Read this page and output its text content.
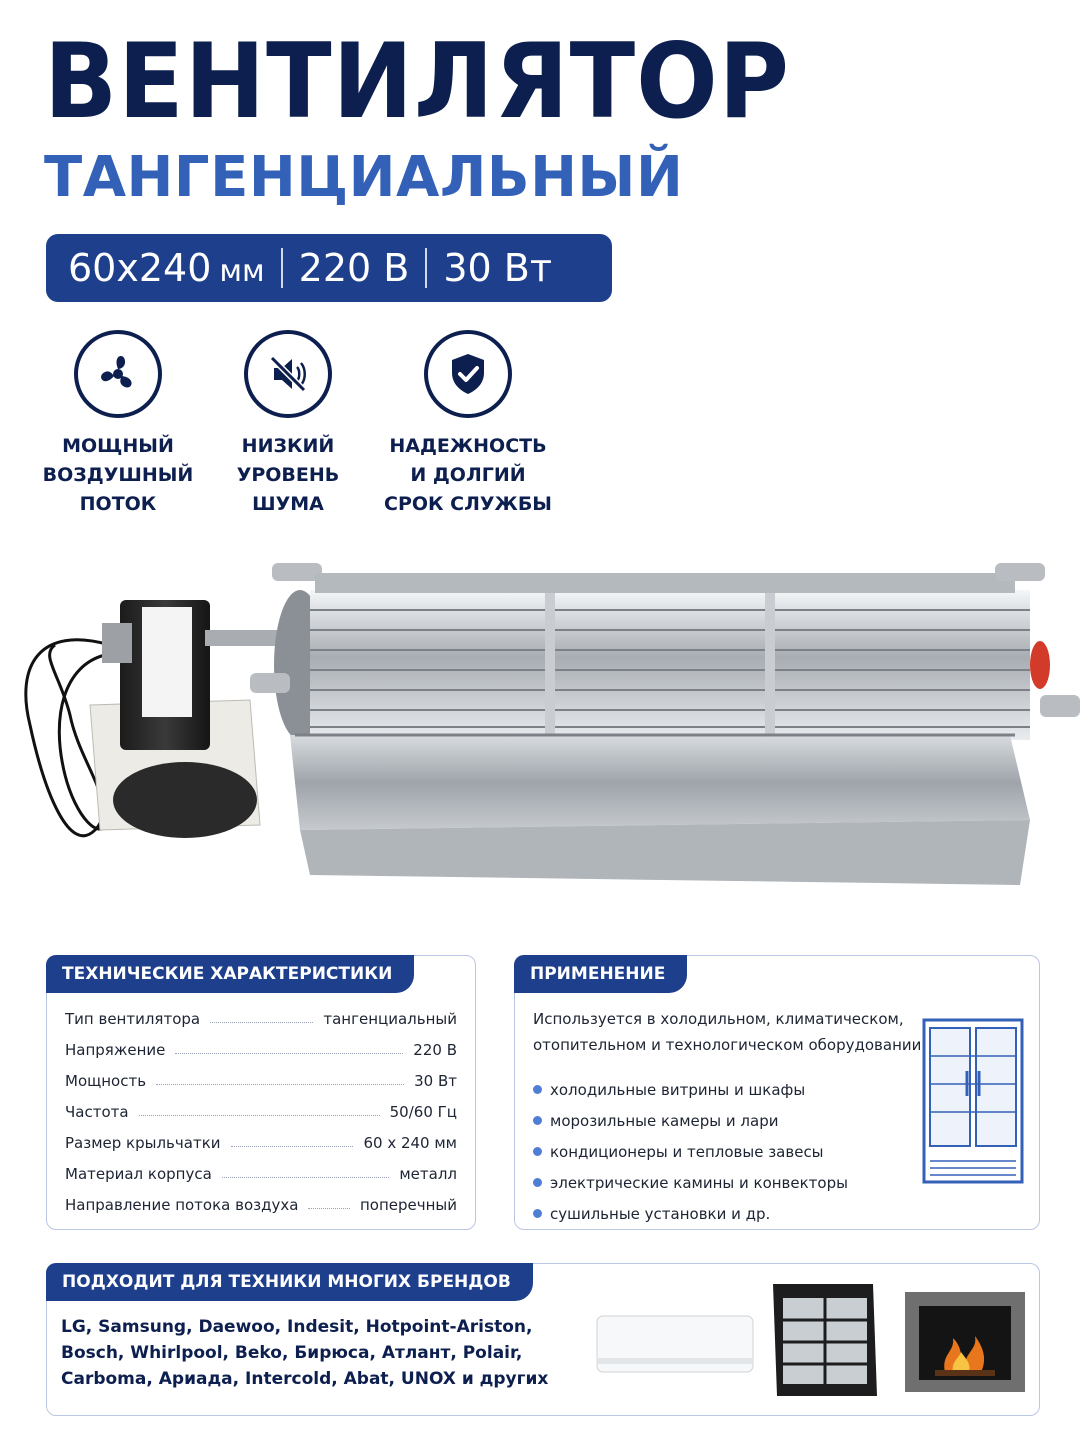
ВЕНТИЛЯТОР
ТАНГЕНЦИАЛЬНЫЙ
60х240 мм 220 В 30 Вт
МОЩНЫЙ
ВОЗДУШНЫЙ
ПОТОК
НИЗКИЙ
УРОВЕНЬ
ШУМА
НАДЕЖНОСТЬ
И ДОЛГИЙ
СРОК СЛУЖБЫ
ТЕХНИЧЕСКИЕ ХАРАКТЕРИСТИКИ
Тип вентилятора	тангенциальный
Напряжение	220 В
Мощность	30 Вт
Частота	50/60 Гц
Размер крыльчатки	60 х 240 мм
Материал корпуса	металл
Направление потока воздуха	поперечный
ПРИМЕНЕНИЕ
Используется в холодильном, климатическом, отопительном и технологическом оборудовании
холодильные витрины и шкафы
морозильные камеры и лари
кондиционеры и тепловые завесы
электрические камины и конвекторы
сушильные установки и др.
ПОДХОДИТ ДЛЯ ТЕХНИКИ МНОГИХ БРЕНДОВ
LG, Samsung, Daewoo, Indesit, Hotpoint-Ariston, Bosch, Whirlpool, Beko, Бирюса, Атлант, Polair, Carboma, Ариада, Intercold, Abat, UNOX и других
